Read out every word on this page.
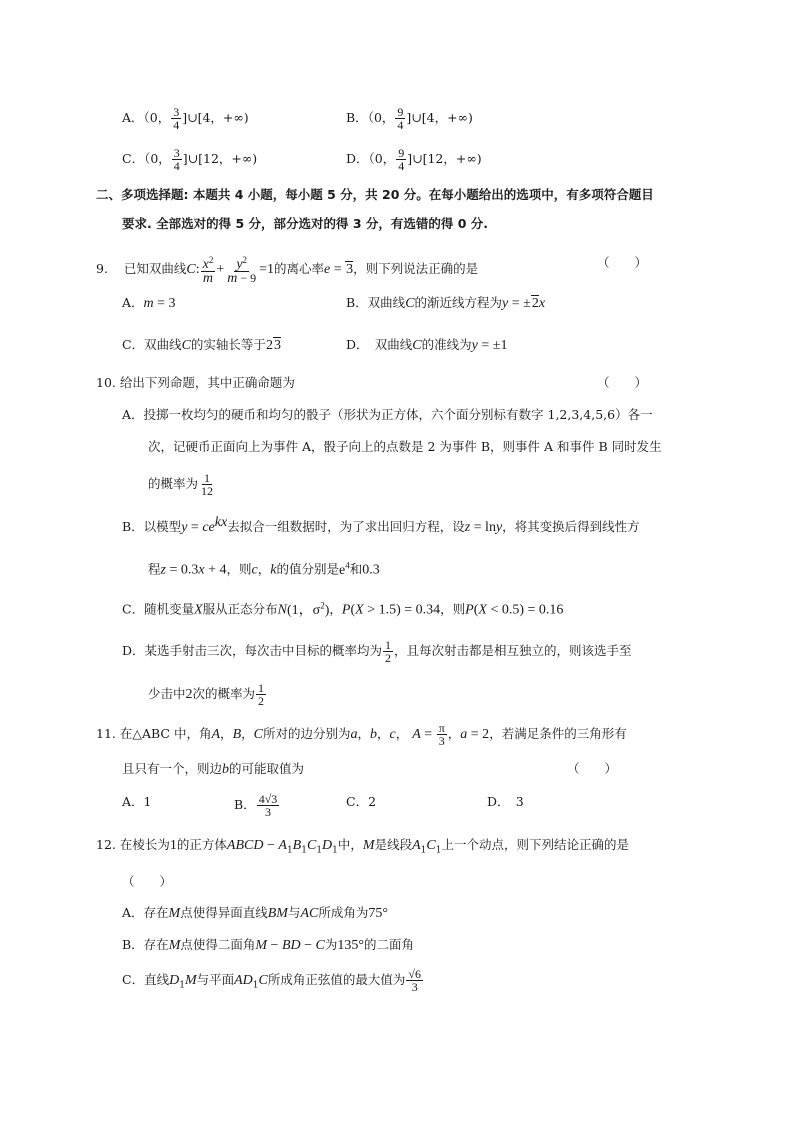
A．（0， $\frac{3}{4}$ ]∪[4，+∞)	B．（0， $\frac{9}{4}$ ]∪[4，+∞)
C．（0， $\frac{3}{4}$ ]∪[12，+∞)	D．（0， $\frac{9}{4}$ ]∪[12，+∞)
二、多项选择题: 本题共 4 小题，每小题 5 分，共 20 分。在每小题给出的选项中，有多项符合题目
要求. 全部选对的得 5 分，部分选对的得 3 分，有选错的得 0 分.
9. 已知双曲线C: $\frac{x^2}{m} + \frac{y^2}{m - 9} =1$的离心率e = 3，则下列说法正确的是	（　　）
A．m = 3	B．双曲线C的渐近线方程为y = ±2x
C．双曲线C的实轴长等于23	D．　双曲线C的准线为y = ±1
10. 给出下列命题，其中正确命题为	（　　）
A．投掷一枚均匀的硬币和均匀的骰子（形状为正方体，六个面分别标有数字 1,2,3,4,5,6）各一
次，记硬币正面向上为事件 A，骰子向上的点数是 2 为事件 B，则事件 A 和事件 B 同时发生
的概率为 $\frac{1}{12}$
B．以模型$y = ce^{kx}$去拟合一组数据时，为了求出回归方程，设z = lny，将其变换后得到线性方
程z = 0.3x + 4，则c，k的值分别是$e^4$和0.3
C．随机变量X服从正态分布N(1，$\sigma^2$)，P(X > 1.5) = 0.34，则P(X < 0.5) = 0.16
D．某选手射击三次，每次击中目标的概率均为 $\frac{1}{2}$ ，且每次射击都是相互独立的，则该选手至
少击中2次的概率为 $\frac{1}{2}$
11. 在△ABC 中，角A，B，C所对的边分别为a，b，c， $A = \frac{\pi}{3}$ ，a = 2，若满足条件的三角形有
且只有一个，则边b的可能取值为	（　　）
A．1	B． $\frac{4√3}{3}$	C．2	D．　3
12. 在棱长为1的正方体ABCD − $A_1B_1C_1D_1$中，M是线段$A_1C_1$上一个动点，则下列结论正确的是
（　　）
A．存在M点使得异面直线BM与AC所成角为75°
B．存在M点使得二面角M − BD − C为135°的二面角
C．直线$D_1M$与平面$AD_1C$所成角正弦值的最大值为 $\frac{√6}{3}$
